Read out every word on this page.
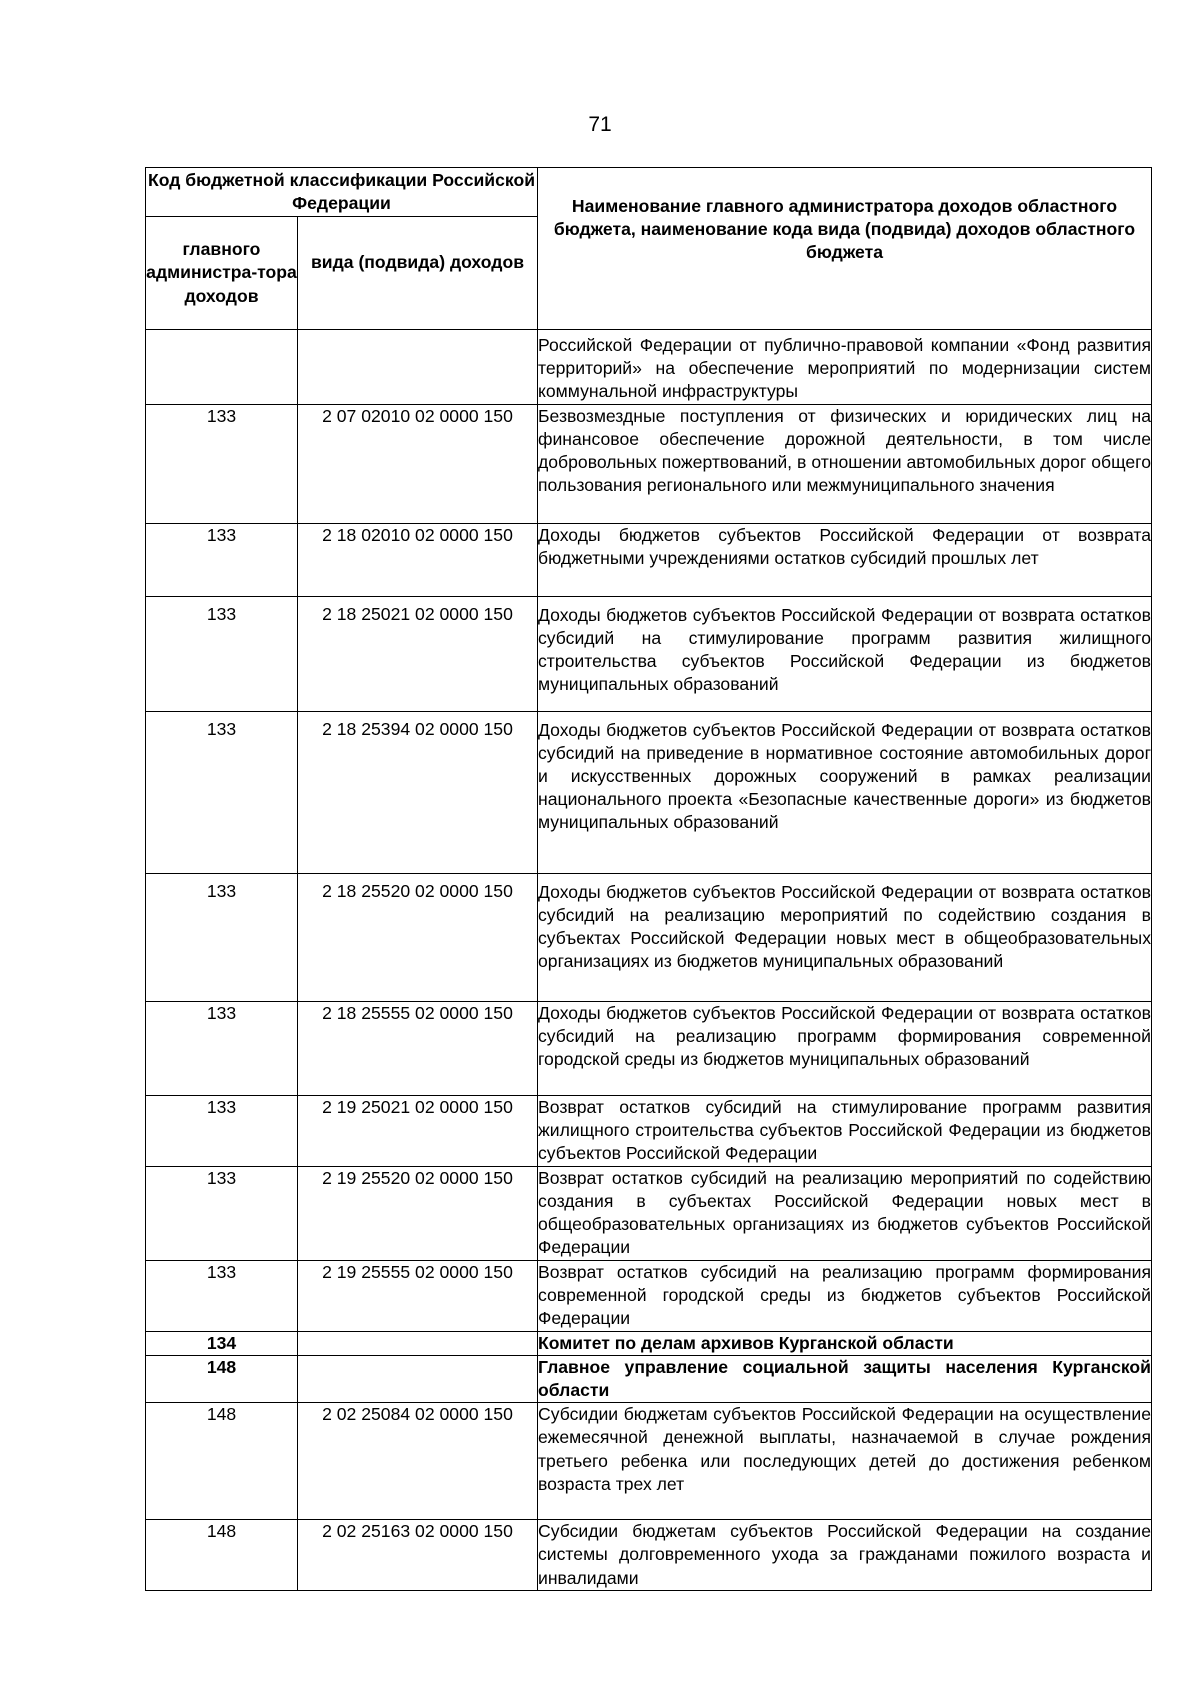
71
Код бюджетной классификации Российской Федерации		Наименование главного администратора доходов областного бюджета, наименование кода вида (подвида) доходов областного бюджета
главного администра-тора доходов	вида (подвида) доходов	
		Российской Федерации от публично-правовой компании «Фонд развития территорий» на обеспечение мероприятий по модернизации систем коммунальной инфраструктуры
133	2 07 02010 02 0000 150	Безвозмездные поступления от физических и юридических лиц на финансовое обеспечение дорожной деятельности, в том числе добровольных пожертвований, в отношении автомобильных дорог общего пользования регионального или межмуниципального значения
133	2 18 02010 02 0000 150	Доходы бюджетов субъектов Российской Федерации от возврата бюджетными учреждениями остатков субсидий прошлых лет
133	2 18 25021 02 0000 150	Доходы бюджетов субъектов Российской Федерации от возврата остатков субсидий на стимулирование программ развития жилищного строительства субъектов Российской Федерации из бюджетов муниципальных образований
133	2 18 25394 02 0000 150	Доходы бюджетов субъектов Российской Федерации от возврата остатков субсидий на приведение в нормативное состояние автомобильных дорог и искусственных дорожных сооружений в рамках реализации национального проекта «Безопасные качественные дороги» из бюджетов муниципальных образований
133	2 18 25520 02 0000 150	Доходы бюджетов субъектов Российской Федерации от возврата остатков субсидий на реализацию мероприятий по содействию создания в субъектах Российской Федерации новых мест в общеобразовательных организациях из бюджетов муниципальных образований
133	2 18 25555 02 0000 150	Доходы бюджетов субъектов Российской Федерации от возврата остатков субсидий на реализацию программ формирования современной городской среды из бюджетов муниципальных образований
133	2 19 25021 02 0000 150	Возврат остатков субсидий на стимулирование программ развития жилищного строительства субъектов Российской Федерации из бюджетов субъектов Российской Федерации
133	2 19 25520 02 0000 150	Возврат остатков субсидий на реализацию мероприятий по содействию создания в субъектах Российской Федерации новых мест в общеобразовательных организациях из бюджетов субъектов Российской Федерации
133	2 19 25555 02 0000 150	Возврат остатков субсидий на реализацию программ формирования современной городской среды из бюджетов субъектов Российской Федерации
134		Комитет по делам архивов Курганской области
148		Главное управление социальной защиты населения Курганской области
148	2 02 25084 02 0000 150	Субсидии бюджетам субъектов Российской Федерации на осуществление ежемесячной денежной выплаты, назначаемой в случае рождения третьего ребенка или последующих детей до достижения ребенком возраста трех лет
148	2 02 25163 02 0000 150	Субсидии бюджетам субъектов Российской Федерации на создание системы долговременного ухода за гражданами пожилого возраста и инвалидами
